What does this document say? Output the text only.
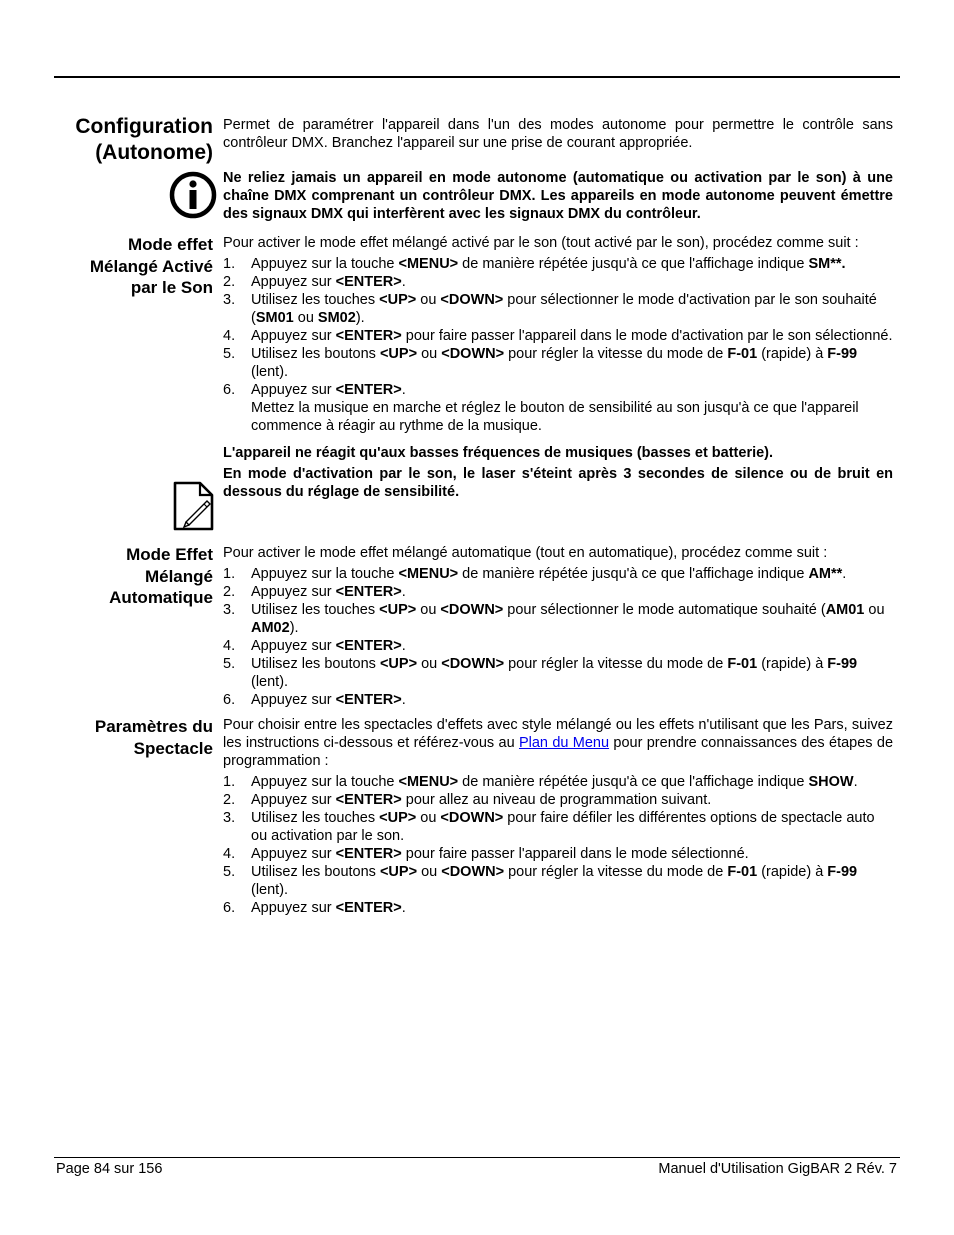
Configuration
(Autonome)

Permet de paramétrer l'appareil dans l'un des modes autonome pour permettre le contrôle sans contrôleur DMX. Branchez l'appareil sur une prise de courant appropriée.

Ne reliez jamais un appareil en mode autonome (automatique ou activation par le son) à une chaîne DMX comprenant un contrôleur DMX. Les appareils en mode autonome peuvent émettre des signaux DMX qui interfèrent avec les signaux DMX du contrôleur.

Mode effet
Mélangé Activé
par le Son

Pour activer le mode effet mélangé activé par le son (tout activé par le son), procédez comme suit :

1. Appuyez sur la touche <MENU> de manière répétée jusqu'à ce que l'affichage indique SM**.
2. Appuyez sur <ENTER>.
3. Utilisez les touches <UP> ou <DOWN> pour sélectionner le mode d'activation par le son souhaité (SM01 ou SM02).
4. Appuyez sur <ENTER> pour faire passer l'appareil dans le mode d'activation par le son sélectionné.
5. Utilisez les boutons <UP> ou <DOWN> pour régler la vitesse du mode de F-01 (rapide) à F-99 (lent).
6. Appuyez sur <ENTER>.
Mettez la musique en marche et réglez le bouton de sensibilité au son jusqu'à ce que l'appareil commence à réagir au rythme de la musique.

L'appareil ne réagit qu'aux basses fréquences de musiques (basses et batterie).

En mode d'activation par le son, le laser s'éteint après 3 secondes de silence ou de bruit en dessous du réglage de sensibilité.

Mode Effet
Mélangé
Automatique

Pour activer le mode effet mélangé automatique (tout en automatique), procédez comme suit :

1. Appuyez sur la touche <MENU> de manière répétée jusqu'à ce que l'affichage indique AM**.
2. Appuyez sur <ENTER>.
3. Utilisez les touches <UP> ou <DOWN> pour sélectionner le mode automatique souhaité (AM01 ou AM02).
4. Appuyez sur <ENTER>.
5. Utilisez les boutons <UP> ou <DOWN> pour régler la vitesse du mode de F-01 (rapide) à F-99 (lent).
6. Appuyez sur <ENTER>.
Paramètres du
Spectacle

Pour choisir entre les spectacles d'effets avec style mélangé ou les effets n'utilisant que les Pars, suivez les instructions ci-dessous et référez-vous au Plan du Menu pour prendre connaissances des étapes de programmation :

1. Appuyez sur la touche <MENU> de manière répétée jusqu'à ce que l'affichage indique SHOW.
2. Appuyez sur <ENTER> pour allez au niveau de programmation suivant.
3. Utilisez les touches <UP> ou <DOWN> pour faire défiler les différentes options de spectacle auto ou activation par le son.
4. Appuyez sur <ENTER> pour faire passer l'appareil dans le mode sélectionné.
5. Utilisez les boutons <UP> ou <DOWN> pour régler la vitesse du mode de F-01 (rapide) à F-99 (lent).
6. Appuyez sur <ENTER>.
Page 84 sur 156	Manuel d'Utilisation GigBAR 2 Rév. 7
